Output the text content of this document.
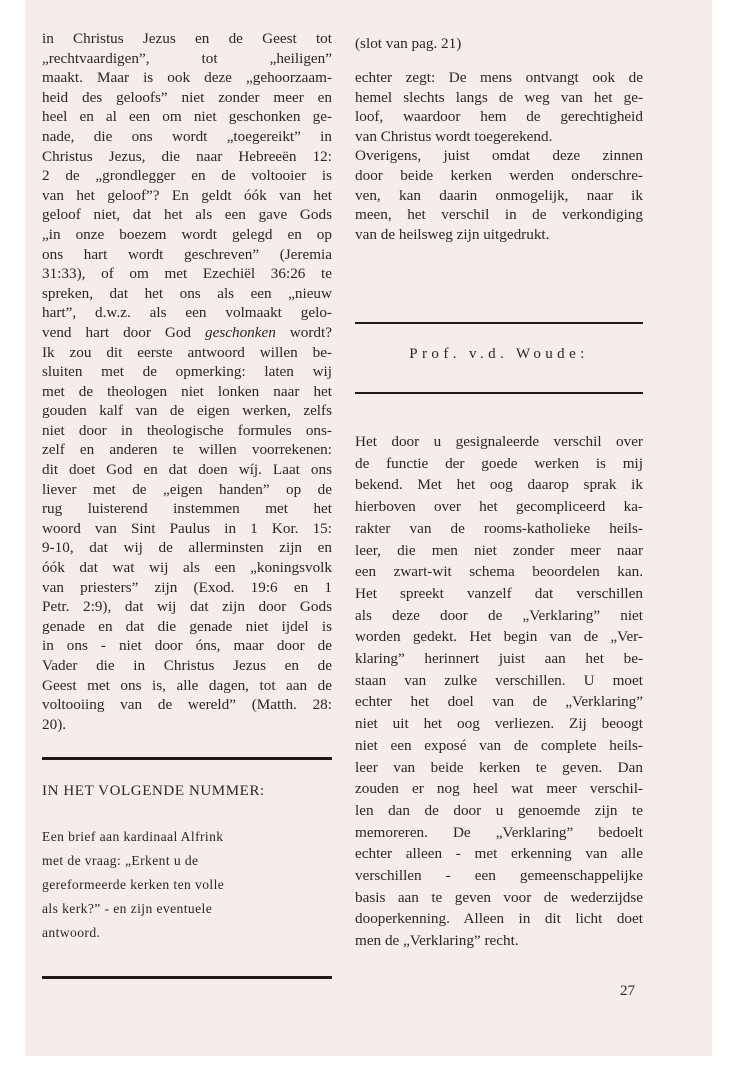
in Christus Jezus en de Geest tot
„rechtvaardigen”, tot „heiligen”
maakt. Maar is ook deze „gehoorzaam-
heid des geloofs” niet zonder meer en
heel en al een om niet geschonken ge-
nade, die ons wordt „toegereikt” in
Christus Jezus, die naar Hebreeën 12:
2 de „grondlegger en de voltooier is
van het geloof”? En geldt óók van het
geloof niet, dat het als een gave Gods
„in onze boezem wordt gelegd en op
ons hart wordt geschreven” (Jeremia
31:33), of om met Ezechiël 36:26 te
spreken, dat het ons als een „nieuw
hart”, d.w.z. als een volmaakt gelo-
vend hart door God geschonken wordt?
Ik zou dit eerste antwoord willen be-
sluiten met de opmerking: laten wij
met de theologen niet lonken naar het
gouden kalf van de eigen werken, zelfs
niet door in theologische formules ons-
zelf en anderen te willen voorrekenen:
dit doet God en dat doen wíj. Laat ons
liever met de „eigen handen” op de
rug luisterend instemmen met het
woord van Sint Paulus in 1 Kor. 15:
9-10, dat wij de allerminsten zijn en
óók dat wat wij als een „koningsvolk
van priesters” zijn (Exod. 19:6 en 1
Petr. 2:9), dat wij dat zijn door Gods
genade en dat die genade niet ijdel is
in ons - niet door óns, maar door de
Vader die in Christus Jezus en de
Geest met ons is, alle dagen, tot aan de
voltooiing van de wereld” (Matth. 28:
20).
IN HET VOLGENDE NUMMER:
Een brief aan kardinaal Alfrink
met de vraag: „Erkent u de
gereformeerde kerken ten volle
als kerk?” - en zijn eventuele
antwoord.
(slot van pag. 21)
echter zegt: De mens ontvangt ook de
hemel slechts langs de weg van het ge-
loof, waardoor hem de gerechtigheid
van Christus wordt toegerekend.
Overigens, juist omdat deze zinnen
door beide kerken werden onderschre-
ven, kan daarin onmogelijk, naar ik
meen, het verschil in de verkondiging
van de heilsweg zijn uitgedrukt.
Prof. v.d. Woude:
Het door u gesignaleerde verschil over
de functie der goede werken is mij
bekend. Met het oog daarop sprak ik
hierboven over het gecompliceerd ka-
rakter van de rooms-katholieke heils-
leer, die men niet zonder meer naar
een zwart-wit schema beoordelen kan.
Het spreekt vanzelf dat verschillen
als deze door de „Verklaring” niet
worden gedekt. Het begin van de „Ver-
klaring” herinnert juist aan het be-
staan van zulke verschillen. U moet
echter het doel van de „Verklaring”
niet uit het oog verliezen. Zij beoogt
niet een exposé van de complete heils-
leer van beide kerken te geven. Dan
zouden er nog heel wat meer verschil-
len dan de door u genoemde zijn te
memoreren. De „Verklaring” bedoelt
echter alleen - met erkenning van alle
verschillen - een gemeenschappelijke
basis aan te geven voor de wederzijdse
dooperkenning. Alleen in dit licht doet
men de „Verklaring” recht.
27
